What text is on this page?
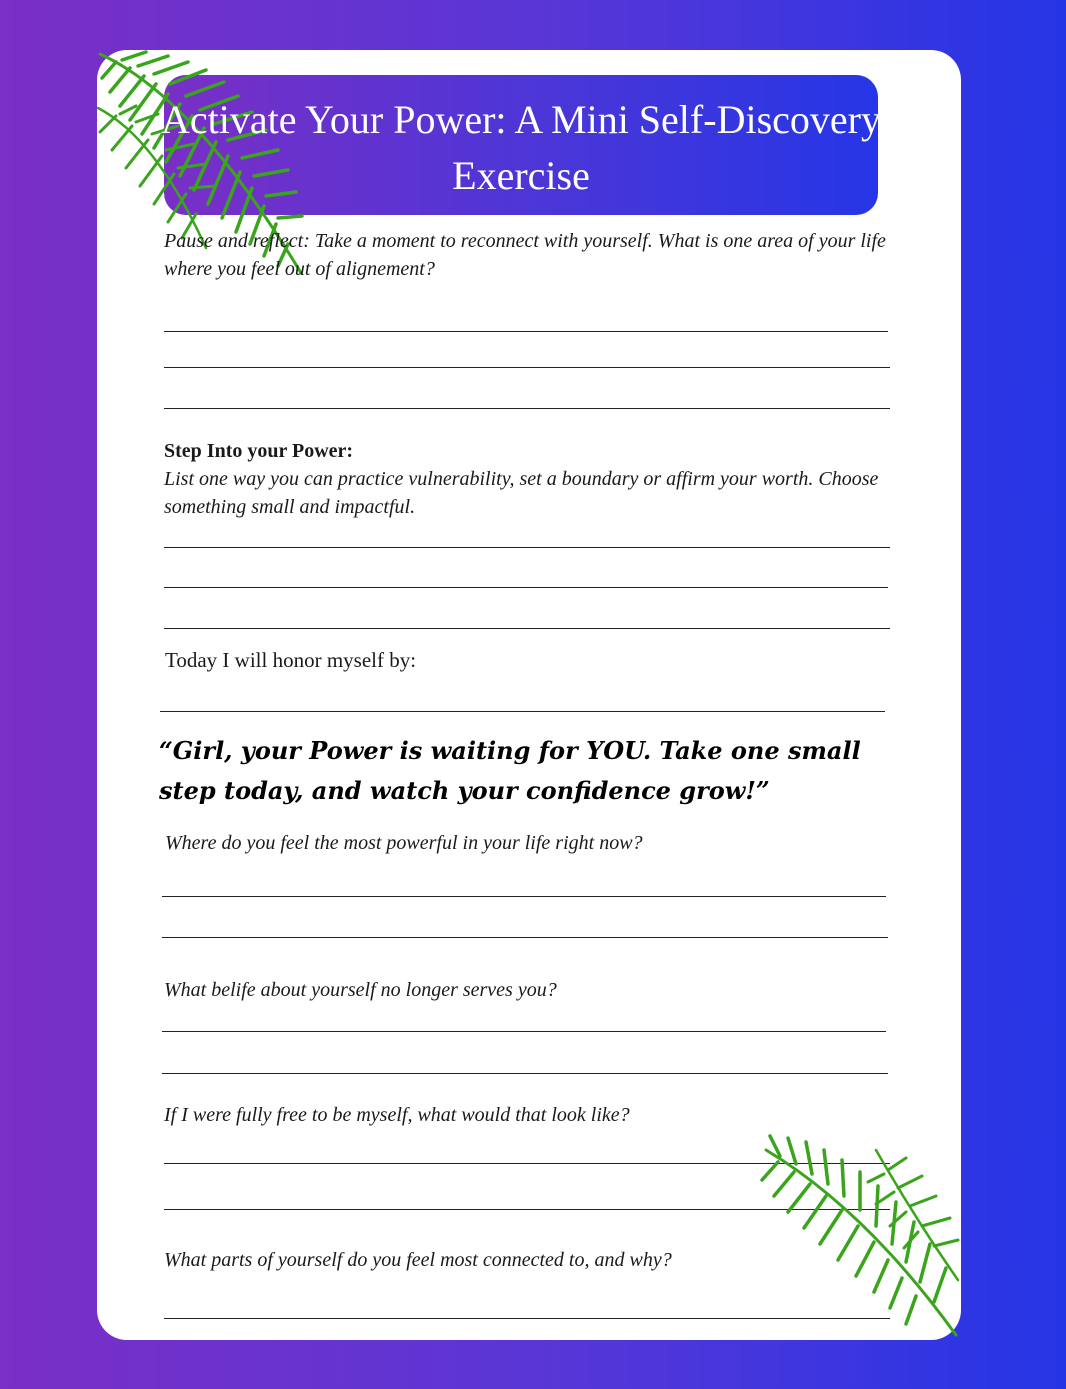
Activate Your Power: A Mini Self-Discovery Exercise

Pause and reflect: Take a moment to reconnect with yourself. What is one area of your life where you feel out of alignement?

Step Into your Power:

List one way you can practice vulnerability, set a boundary or affirm your worth. Choose something small and impactful.

Today I will honor myself by:

“Girl, your Power is waiting for YOU. Take one small step today, and watch your confidence grow!”

Where do you feel the most powerful in your life right now?

What belife about yourself no longer serves you?

If I were fully free to be myself, what would that look like?

What parts of yourself do you feel most connected to, and why?
